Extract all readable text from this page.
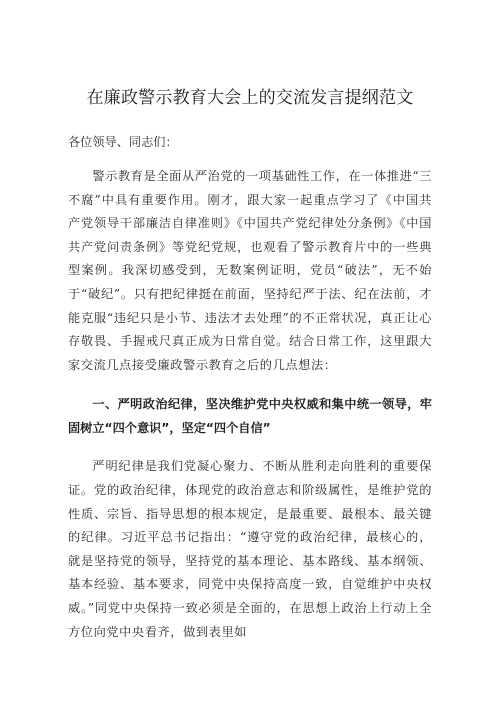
在廉政警示教育大会上的交流发言提纲范文
各位领导、同志们：

警示教育是全面从严治党的一项基础性工作，在一体推进“三不腐”中具有重要作用。刚才，跟大家一起重点学习了《中国共产党领导干部廉洁自律准则》《中国共产党纪律处分条例》《中国共产党问责条例》等党纪党规，也观看了警示教育片中的一些典型案例。我深切感受到，无数案例证明，党员“破法”，无不始于“破纪”。只有把纪律挺在前面，坚持纪严于法、纪在法前，才能克服“违纪只是小节、违法才去处理”的不正常状况，真正让心存敬畏、手握戒尺真正成为日常自觉。结合日常工作，这里跟大家交流几点接受廉政警示教育之后的几点想法：

一、严明政治纪律，坚决维护党中央权威和集中统一领导，牢固树立“四个意识”，坚定“四个自信”

严明纪律是我们党凝心聚力、不断从胜利走向胜利的重要保证。党的政治纪律，体现党的政治意志和阶级属性，是维护党的性质、宗旨、指导思想的根本规定，是最重要、最根本、最关键的纪律。习近平总书记指出：“遵守党的政治纪律，最核心的，就是坚持党的领导，坚持党的基本理论、基本路线、基本纲领、基本经验、基本要求，同党中央保持高度一致，自觉维护中央权威。”同党中央保持一致必须是全面的，在思想上政治上行动上全方位向党中央看齐，做到表里如
